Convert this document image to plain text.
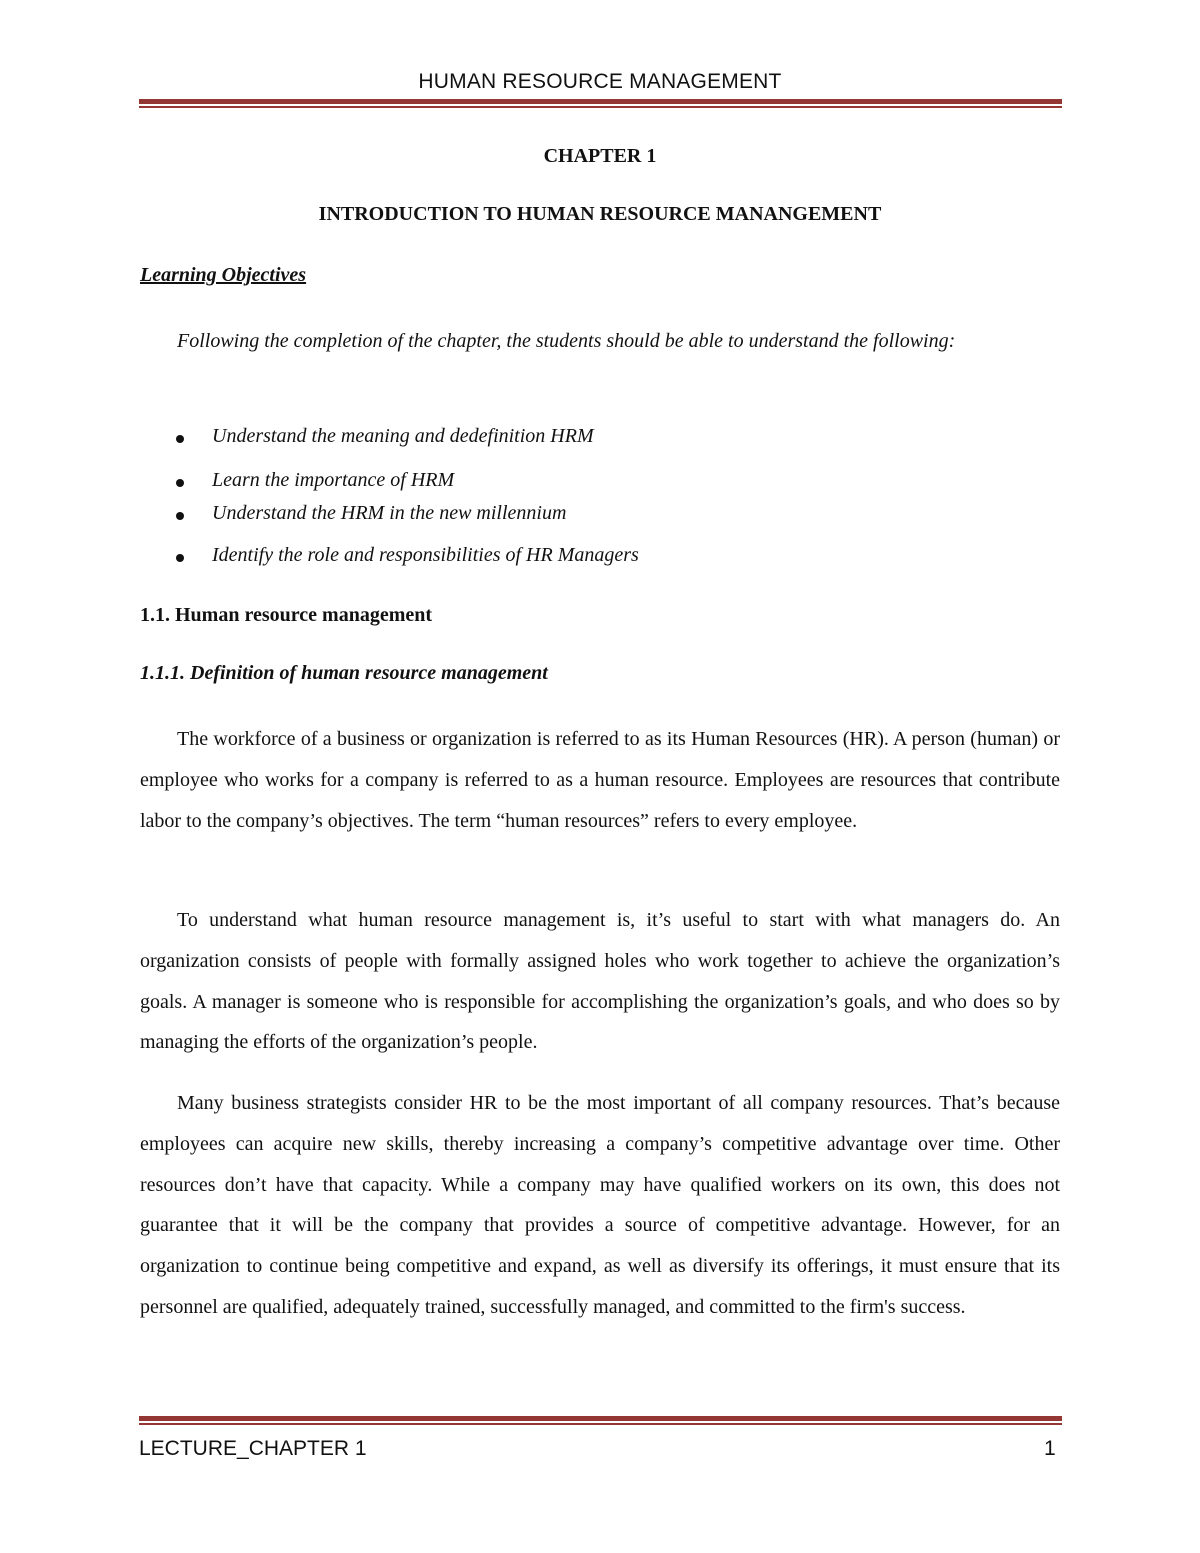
HUMAN RESOURCE MANAGEMENT
CHAPTER 1
INTRODUCTION TO HUMAN RESOURCE MANANGEMENT
Learning Objectives
Following the completion of the chapter, the students should be able to understand the following:
Understand the meaning and dedefinition HRM
Learn the importance of HRM
Understand the HRM in the new millennium
Identify the role and responsibilities of HR Managers
1.1. Human resource management
1.1.1. Definition of human resource management
The workforce of a business or organization is referred to as its Human Resources (HR). A person (human) or employee who works for a company is referred to as a human resource. Employees are resources that contribute labor to the company’s objectives. The term “human resources” refers to every employee.
To understand what human resource management is, it’s useful to start with what managers do. An organization consists of people with formally assigned holes who work together to achieve the organization’s goals. A manager is someone who is responsible for accomplishing the organization’s goals, and who does so by managing the efforts of the organization’s people.
Many business strategists consider HR to be the most important of all company resources. That’s because employees can acquire new skills, thereby increasing a company’s competitive advantage over time. Other resources don’t have that capacity. While a company may have qualified workers on its own, this does not guarantee that it will be the company that provides a source of competitive advantage. However, for an organization to continue being competitive and expand, as well as diversify its offerings, it must ensure that its personnel are qualified, adequately trained, successfully managed, and committed to the firm's success.
LECTURE_CHAPTER 1	1
